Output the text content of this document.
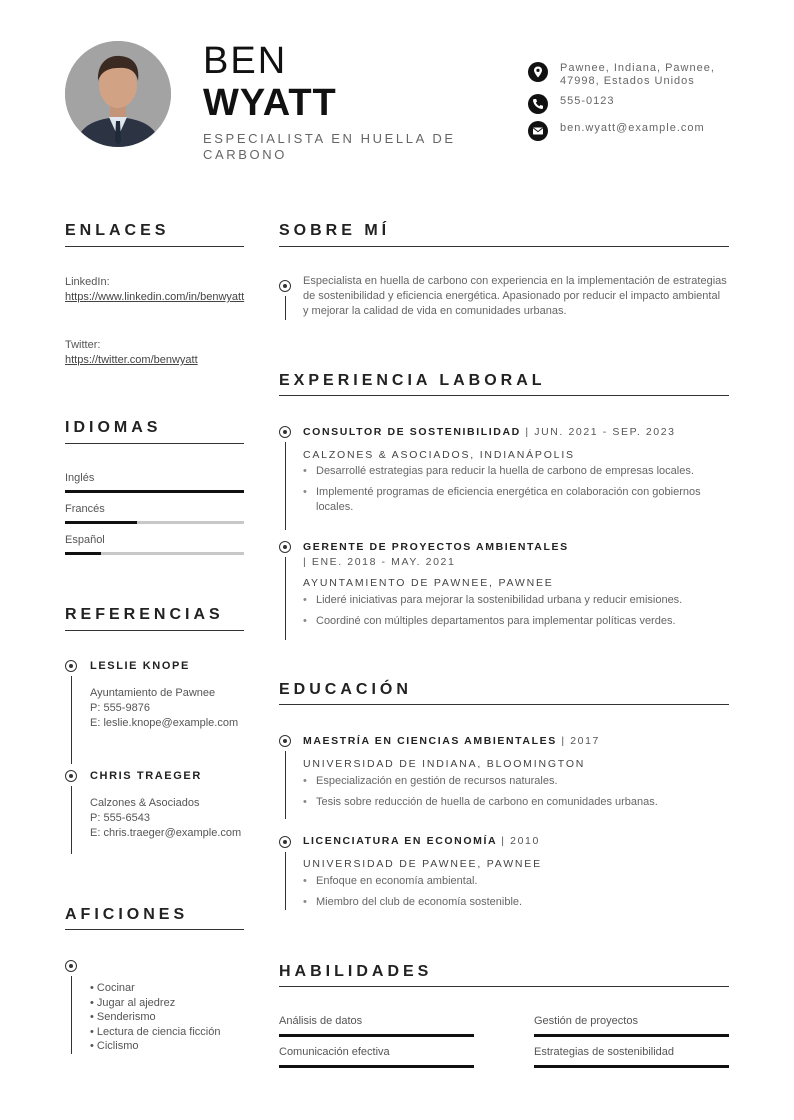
BEN
WYATT
ESPECIALISTA EN HUELLA DE CARBONO
Pawnee, Indiana, Pawnee, 47998, Estados Unidos
555-0123
ben.wyatt@example.com
ENLACES
LinkedIn:
https://www.linkedin.com/in/benwyatt
Twitter:
https://twitter.com/benwyatt
IDIOMAS
Inglés
Francés
Español
REFERENCIAS
LESLIE KNOPE
Ayuntamiento de Pawnee
P: 555-9876
E: leslie.knope@example.com
CHRIS TRAEGER
Calzones & Asociados
P: 555-6543
E: chris.traeger@example.com
AFICIONES
• Cocinar
• Jugar al ajedrez
• Senderismo
• Lectura de ciencia ficción
• Ciclismo
SOBRE MÍ
Especialista en huella de carbono con experiencia en la implementación de estrategias de sostenibilidad y eficiencia energética. Apasionado por reducir el impacto ambiental y mejorar la calidad de vida en comunidades urbanas.
EXPERIENCIA LABORAL
CONSULTOR DE SOSTENIBILIDAD | JUN. 2021 - SEP. 2023
CALZONES & ASOCIADOS, INDIANÁPOLIS
• Desarrollé estrategias para reducir la huella de carbono de empresas locales.
• Implementé programas de eficiencia energética en colaboración con gobiernos locales.
GERENTE DE PROYECTOS AMBIENTALES
| ENE. 2018 - MAY. 2021
AYUNTAMIENTO DE PAWNEE, PAWNEE
• Lideré iniciativas para mejorar la sostenibilidad urbana y reducir emisiones.
• Coordiné con múltiples departamentos para implementar políticas verdes.
EDUCACIÓN
MAESTRÍA EN CIENCIAS AMBIENTALES | 2017
UNIVERSIDAD DE INDIANA, BLOOMINGTON
• Especialización en gestión de recursos naturales.
• Tesis sobre reducción de huella de carbono en comunidades urbanas.
LICENCIATURA EN ECONOMÍA | 2010
UNIVERSIDAD DE PAWNEE, PAWNEE
• Enfoque en economía ambiental.
• Miembro del club de economía sostenible.
HABILIDADES
Análisis de datos	Gestión de proyectos
Comunicación efectiva	Estrategias de sostenibilidad
